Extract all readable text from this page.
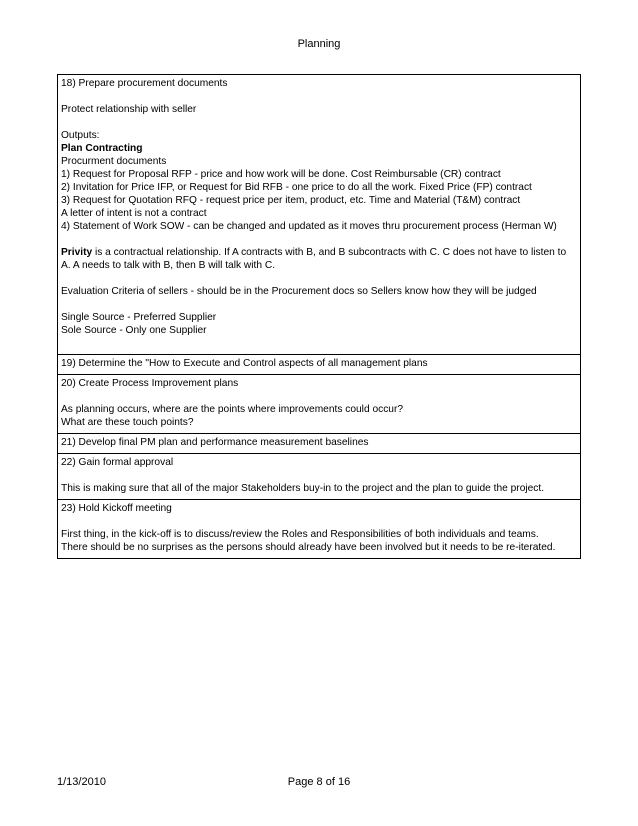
Planning
18) Prepare procurement documents
Protect relationship with seller
Outputs:
Plan Contracting
Procurment documents
1) Request for Proposal RFP - price and how work will be done. Cost Reimbursable (CR) contract
2) Invitation for Price IFP, or Request for Bid RFB - one price to do all the work. Fixed Price (FP) contract
3) Request for Quotation RFQ - request price per item, product, etc. Time and Material (T&M) contract
A letter of intent is not a contract
4) Statement of Work SOW - can be changed and updated as it moves thru procurement process (Herman W)
Privity is a contractual relationship. If A contracts with B, and B subcontracts with C. C does not have to listen to
A. A needs to talk with B, then B will talk with C.
Evaluation Criteria of sellers - should be in the Procurement docs so Sellers know how they will be judged
Single Source - Preferred Supplier
Sole Source - Only one Supplier
19) Determine the "How to Execute and Control aspects of all management plans
20) Create Process Improvement plans
As planning occurs, where are the points where improvements could occur?
What are these touch points?
21) Develop final PM plan and performance measurement baselines
22) Gain formal approval
This is making sure that all of the major Stakeholders buy-in to the project and the plan to guide the project.
23) Hold Kickoff meeting
First thing, in the kick-off is to discuss/review the Roles and Responsibilities of both individuals and teams.
There should be no surprises as the persons should already have been involved but it needs to be re-iterated.
1/13/2010	Page 8 of 16
